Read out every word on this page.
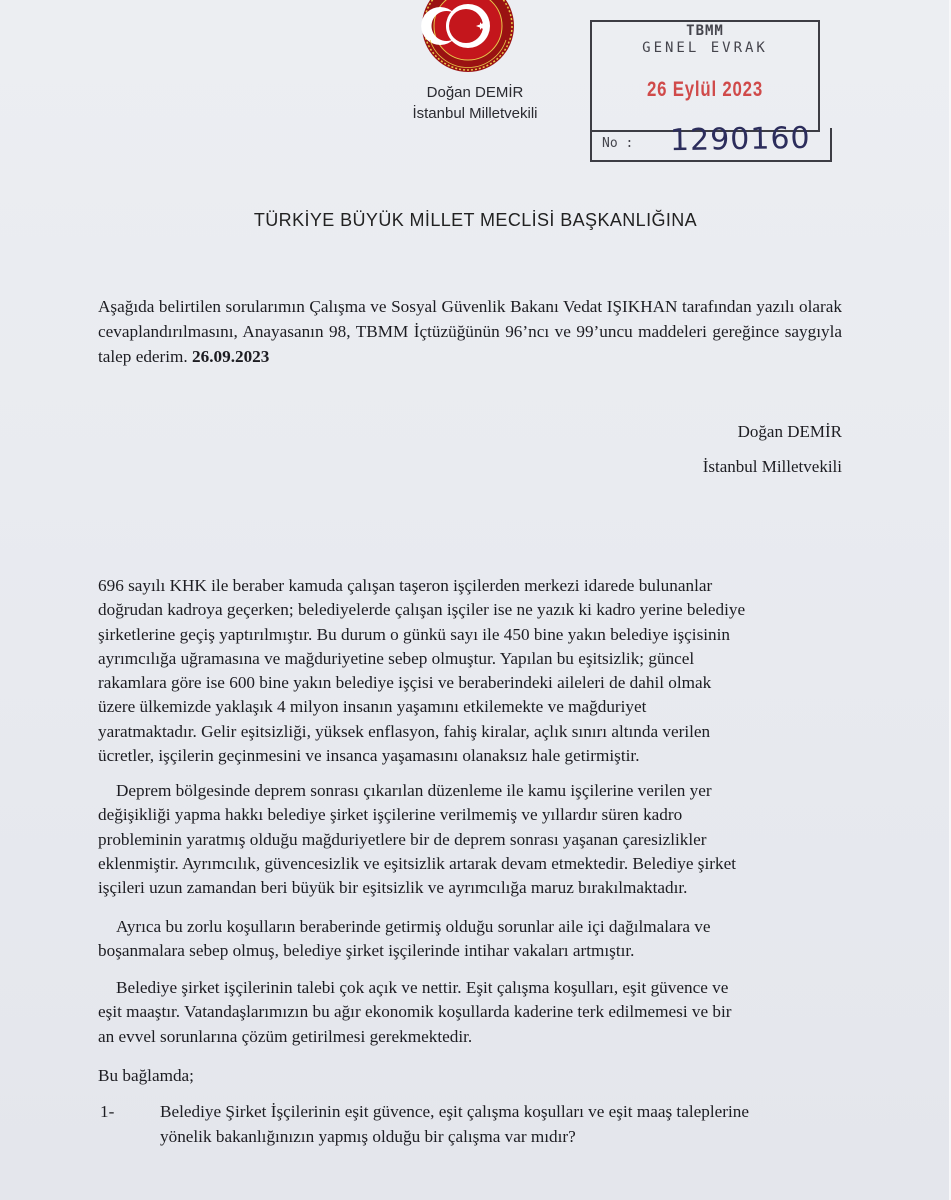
Doğan DEMİR
İstanbul Milletvekili
TBMM
GENEL EVRAK
26 Eylül 2023
No : 1290160
TÜRKİYE BÜYÜK MİLLET MECLİSİ BAŞKANLIĞINA
Aşağıda belirtilen sorularımın Çalışma ve Sosyal Güvenlik Bakanı Vedat IŞIKHAN tarafından yazılı olarak cevaplandırılmasını, Anayasanın 98, TBMM İçtüzüğünün 96’ncı ve 99’uncu maddeleri gereğince saygıyla talep ederim. 26.09.2023
Doğan DEMİR
İstanbul Milletvekili

696 sayılı KHK ile beraber kamuda çalışan taşeron işçilerden merkezi idarede bulunanlar

doğrudan kadroya geçerken; belediyelerde çalışan işçiler ise ne yazık ki kadro yerine belediye

şirketlerine geçiş yaptırılmıştır. Bu durum o günkü sayı ile 450 bine yakın belediye işçisinin

ayrımcılığa uğramasına ve mağduriyetine sebep olmuştur. Yapılan bu eşitsizlik; güncel

rakamlara göre ise 600 bine yakın belediye işçisi ve beraberindeki aileleri de dahil olmak

üzere ülkemizde yaklaşık 4 milyon insanın yaşamını etkilemekte ve mağduriyet

yaratmaktadır. Gelir eşitsizliği, yüksek enflasyon, fahiş kiralar, açlık sınırı altında verilen

ücretler, işçilerin geçinmesini ve insanca yaşamasını olanaksız hale getirmiştir.

Deprem bölgesinde deprem sonrası çıkarılan düzenleme ile kamu işçilerine verilen yer

değişikliği yapma hakkı belediye şirket işçilerine verilmemiş ve yıllardır süren kadro

probleminin yaratmış olduğu mağduriyetlere bir de deprem sonrası yaşanan çaresizlikler

eklenmiştir. Ayrımcılık, güvencesizlik ve eşitsizlik artarak devam etmektedir. Belediye şirket

işçileri uzun zamandan beri büyük bir eşitsizlik ve ayrımcılığa maruz bırakılmaktadır.

Ayrıca bu zorlu koşulların beraberinde getirmiş olduğu sorunlar aile içi dağılmalara ve

boşanmalara sebep olmuş, belediye şirket işçilerinde intihar vakaları artmıştır.

Belediye şirket işçilerinin talebi çok açık ve nettir. Eşit çalışma koşulları, eşit güvence ve

eşit maaştır. Vatandaşlarımızın bu ağır ekonomik koşullarda kaderine terk edilmemesi ve bir

an evvel sorunlarına çözüm getirilmesi gerekmektedir.

Bu bağlamda;

1-	Belediye Şirket İşçilerinin eşit güvence, eşit çalışma koşulları ve eşit maaş taleplerine
yönelik bakanlığınızın yapmış olduğu bir çalışma var mıdır?
